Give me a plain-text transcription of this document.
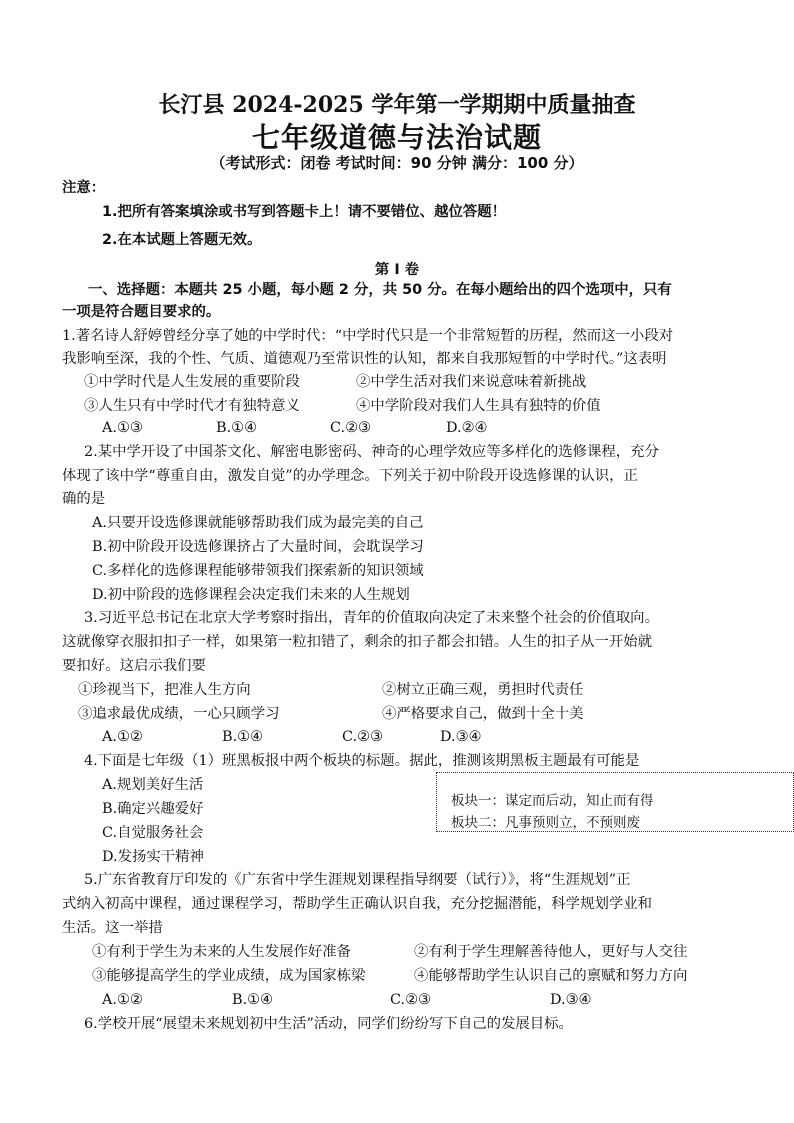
长汀县 2024-2025 学年第一学期期中质量抽查
七年级道德与法治试题
（考试形式：闭卷 考试时间：90 分钟 满分：100 分）
注意：
1.把所有答案填涂或书写到答题卡上！请不要错位、越位答题！
2.在本试题上答题无效。
第 Ⅰ 卷
一、选择题：本题共 25 小题，每小题 2 分，共 50 分。在每小题给出的四个选项中，只有
一项是符合题目要求的。
1.著名诗人舒婷曾经分享了她的中学时代：“中学时代只是一个非常短暂的历程，然而这一小段对
我影响至深，我的个性、气质、道德观乃至常识性的认知，都来自我那短暂的中学时代。”这表明
①中学时代是人生发展的重要阶段	②中学生活对我们来说意味着新挑战
③人生只有中学时代才有独特意义	④中学阶段对我们人生具有独特的价值
A.①③	B.①④	C.②③	D.②④
2.某中学开设了中国茶文化、解密电影密码、神奇的心理学效应等多样化的选修课程，充分
体现了该中学“尊重自由，激发自觉”的办学理念。下列关于初中阶段开设选修课的认识，正
确的是
A.只要开设选修课就能够帮助我们成为最完美的自己
B.初中阶段开设选修课挤占了大量时间，会耽误学习
C.多样化的选修课程能够带领我们探索新的知识领域
D.初中阶段的选修课程会决定我们未来的人生规划
3.习近平总书记在北京大学考察时指出，青年的价值取向决定了未来整个社会的价值取向。
这就像穿衣服扣扣子一样，如果第一粒扣错了，剩余的扣子都会扣错。人生的扣子从一开始就
要扣好。这启示我们要
①珍视当下，把准人生方向	②树立正确三观，勇担时代责任
③追求最优成绩，一心只顾学习	④严格要求自己，做到十全十美
A.①②	B.①④	C.②③	D.③④
4.下面是七年级（1）班黑板报中两个板块的标题。据此，推测该期黑板主题最有可能是
A.规划美好生活
B.确定兴趣爱好
C.自觉服务社会
D.发扬实干精神
板块一：谋定而后动，知止而有得
板块二：凡事预则立，不预则废
5.广东省教育厅印发的《广东省中学生涯规划课程指导纲要（试行）》，将“生涯规划”正
式纳入初高中课程，通过课程学习，帮助学生正确认识自我，充分挖掘潜能，科学规划学业和
生活。这一举措
①有利于学生为未来的人生发展作好准备	②有利于学生理解善待他人，更好与人交往
③能够提高学生的学业成绩，成为国家栋梁	④能够帮助学生认识自己的禀赋和努力方向
A.①②	B.①④	C.②③	D.③④
6.学校开展“展望未来规划初中生活”活动，同学们纷纷写下自己的发展目标。
